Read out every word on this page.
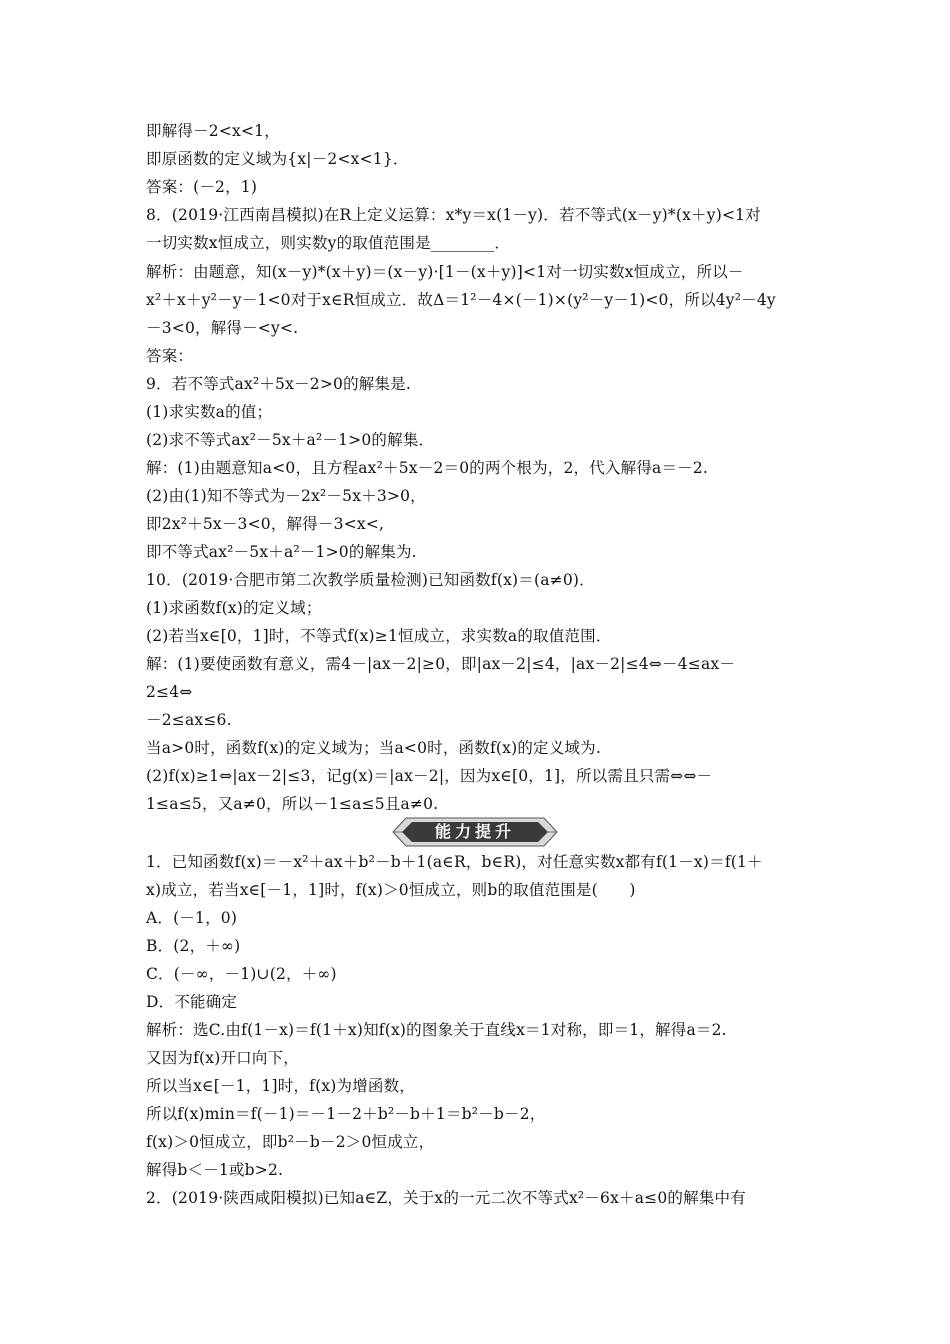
即解得－2<x<1，
即原函数的定义域为{x|－2<x<1}．
答案：(－2，1)
8．(2019·江西南昌模拟)在R上定义运算：x*y＝x(1－y)．若不等式(x－y)*(x＋y)<1对
一切实数x恒成立，则实数y的取值范围是________．
解析：由题意，知(x－y)*(x＋y)＝(x－y)·[1－(x＋y)]<1对一切实数x恒成立，所以－
x²＋x＋y²－y－1<0对于x∈R恒成立．故Δ＝1²－4×(－1)×(y²－y－1)<0，所以4y²－4y
－3<0，解得－<y<.
答案：
9．若不等式ax²＋5x－2>0的解集是.
(1)求实数a的值；
(2)求不等式ax²－5x＋a²－1>0的解集．
解：(1)由题意知a<0，且方程ax²＋5x－2＝0的两个根为，2，代入解得a＝－2.
(2)由(1)知不等式为－2x²－5x＋3>0，
即2x²＋5x－3<0，解得－3<x<,
即不等式ax²－5x＋a²－1>0的解集为.
10．(2019·合肥市第二次教学质量检测)已知函数f(x)＝(a≠0)．
(1)求函数f(x)的定义域；
(2)若当x∈[0，1]时，不等式f(x)≥1恒成立，求实数a的取值范围．
解：(1)要使函数有意义，需4－|ax－2|≥0，即|ax－2|≤4，|ax－2|≤4⇔－4≤ax－
2≤4⇔
－2≤ax≤6.
当a>0时，函数f(x)的定义域为；当a<0时，函数f(x)的定义域为.
(2)f(x)≥1⇔|ax－2|≤3，记g(x)＝|ax－2|，因为x∈[0，1]，所以需且只需⇔⇔－
1≤a≤5，又a≠0，所以－1≤a≤5且a≠0.
能力提升
1．已知函数f(x)＝－x²＋ax＋b²－b＋1(a∈R，b∈R)，对任意实数x都有f(1－x)＝f(1＋
x)成立，若当x∈[－1，1]时，f(x)＞0恒成立，则b的取值范围是(　　)
A．(－1，0)
B．(2，＋∞)
C．(－∞，－1)∪(2，＋∞)
D．不能确定
解析：选C.由f(1－x)＝f(1＋x)知f(x)的图象关于直线x＝1对称，即＝1，解得a＝2.
又因为f(x)开口向下，
所以当x∈[－1，1]时，f(x)为增函数，
所以f(x)min＝f(－1)＝－1－2＋b²－b＋1＝b²－b－2，
f(x)＞0恒成立，即b²－b－2＞0恒成立，
解得b＜－1或b>2.
2．(2019·陕西咸阳模拟)已知a∈Z，关于x的一元二次不等式x²－6x＋a≤0的解集中有
